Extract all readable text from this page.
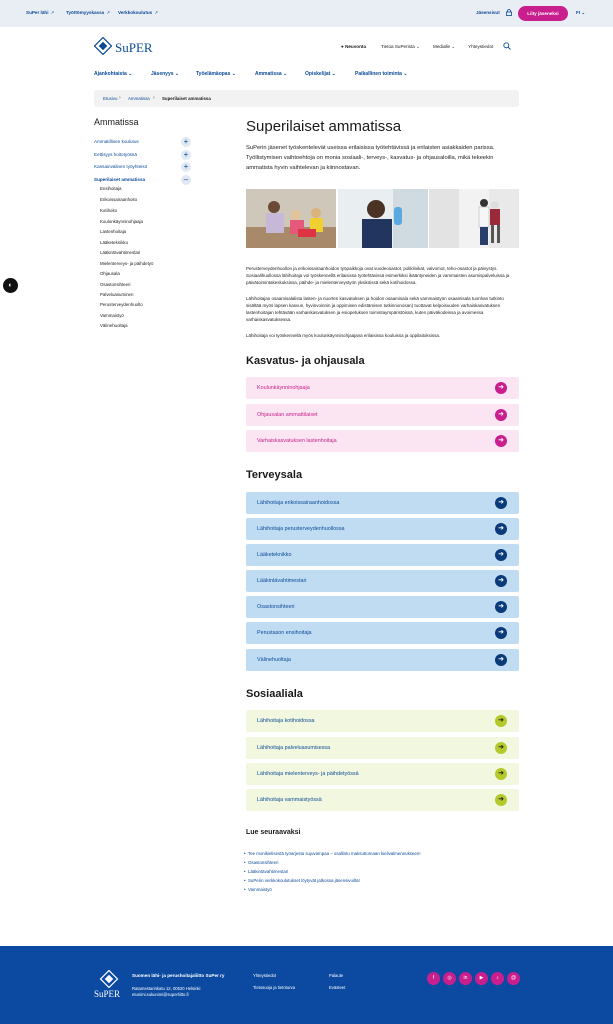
SuPer lähi ↗	Työttömyyskassa ↗ Verkkokoulutus ↗	Jäsensivut	Liity jäseneksi	FI ⌄
SuPER	● Neuvonta	Tietoa SuPerista ⌄	Medialle ⌄	Yhteystiedot
Ajankohtaista ⌄	Jäsenyys ⌄	Työelämäopas ⌄	Ammatissa ⌄	Opiskelijat ⌄	Paikallinen toiminta ⌄
Etusivu › Ammatissa › Superilaiset ammatissa
Ammatissa
Ammatillinen koulutus	+
Eettisyys hoitotyössä	+
Kansainvälinen työyhteisö	+
Superilaiset ammatissa	–
Ensihoitaja
Erikoissairaanhoito
Kotihoito
Koulunkäynninohjaaja
Lastenhoitaja
Lääketeknikko
Lääkintävahtimestari
Mielenterveys- ja päihdetyö
Ohjausala
Osastonsihteeri
Palveluasuminen
Perusterveydenhuolto
Vammaistyö
Välinehuoltaja
◐
Superilaiset ammatissa

SuPerin jäsenet työskentelevät useissa erilaisissa työtehtävissä ja erilaisten asiakkaiden parissa. Työllistymisen vaihtoehtoja on monia sosiaali-, terveys-, kasvatus- ja ohjausaloilla, mikä tekeekin ammatista hyvin vaihtelevan ja kiinnostavan.

Perusterveydenhuollon ja erikoissairaanhoidon työpaikkoja ovat vuodeosastot, poliklinikat, valvomot, teho-osastot ja päivystys. Sosiaalihuollossa lähihoitaja voi työskennellä erilaisissa työtehtävissä esimerkiksi ikääntyneiden ja vammaisten asumispalveluissa ja päivätoimintakeskuksissa, päihde- ja mielenterveystyön yksiköissä sekä kotihoidossa.

Lähihoitajan osaamisalalista lasten- ja nuorten kasvatuksen ja hoidon osaamisala sekä vammaistyön osaamisala tuonhan tutkinto sisältää myös lapsen kasvun, hyvinvoinnin ja oppimisen edistämisen tutkinnonosan) tuottavat kelpoisuuden varhaiskasvatuksen lastenhoitajan tehtävään varhaiskasvatuksen ja esiopetuksen toimintaympäristöissä, kuten päiväkodeissa ja avoimessa varhaiskasvatuksessa.

Lähihoitaja voi työskennellä myös koulunkäynninohjaajana erilaisissa kouluissa ja oppilaitoksissa.

Kasvatus- ja ohjausala
Terveysala
Sosiaaliala
Koulunkäynninohjaaja	➜
Ohjausalan ammattilaiset	➜
Varhaiskasvatuksen lastenhoitaja	➜
Lähihoitaja erikoissairaanhoidossa	➜
Lähihoitaja perusterveydenhuollossa	➜
Lääketeknikko	➜
Lääkintävahtimestari	➜
Osastonsihteeri	➜
Perustason ensihoitaja	➜
Välinehuoltaja	➜
Lähihoitaja kotihoidossa	➜
Lähihoitaja palveluasumisessa	➜
Lähihoitaja mielenterveys- ja päihdetyössä	➜
Lähihoitaja vammaistyössä	➜
Lue seuraavaksi
• Tee monikielisestä työarjesta sujuvampaa – osallistu maksuttomaan kielivalmennukseen!
• Osastonsihteeri
• Lääkintävahtimestari
• SuPerin verkkokoulutukset löytyvät jatkossa jäsensivuilta!
• Vammaistyö
SuPER
Suomen lähi- ja perushoitajaliitto SuPer ry
Ratamestarinkatu 12, 00520 Helsinki
etunimi.sukunimi@superliitto.fi
Yhteystiedot
Tietosuoja ja tietoturva
Palaute
Evästeet
f	◎	in	▶	♪	@
